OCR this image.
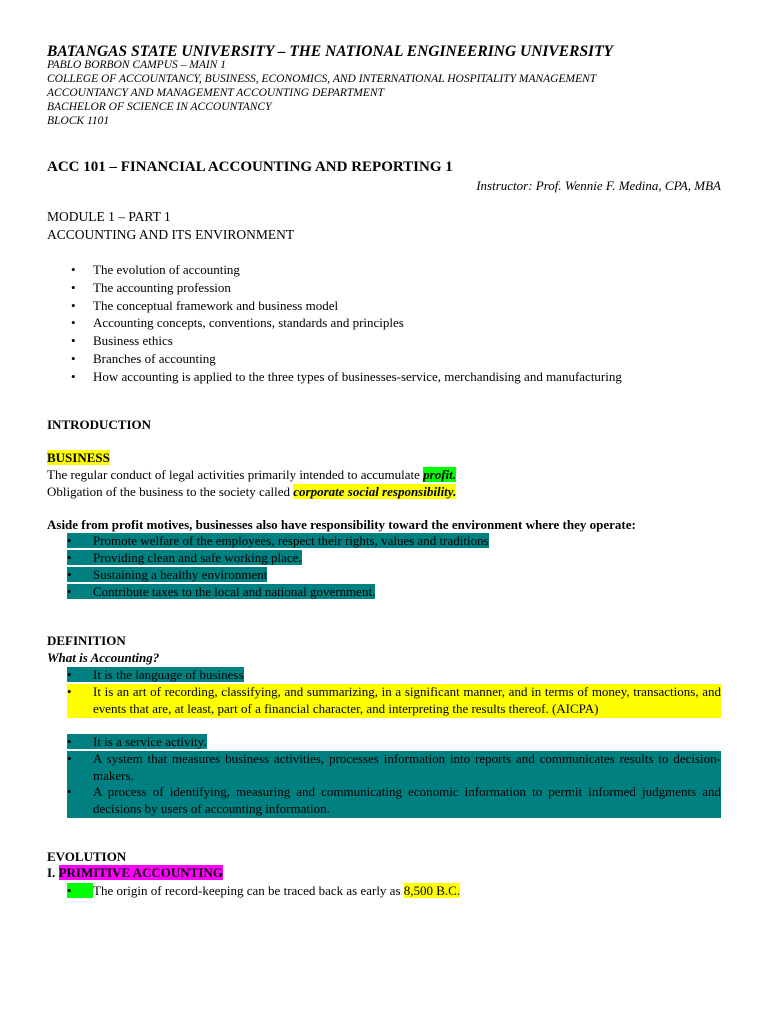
BATANGAS STATE UNIVERSITY – THE NATIONAL ENGINEERING UNIVERSITY
PABLO BORBON CAMPUS – MAIN 1
COLLEGE OF ACCOUNTANCY, BUSINESS, ECONOMICS, AND INTERNATIONAL HOSPITALITY MANAGEMENT
ACCOUNTANCY AND MANAGEMENT ACCOUNTING DEPARTMENT
BACHELOR OF SCIENCE IN ACCOUNTANCY
BLOCK 1101
ACC 101 – FINANCIAL ACCOUNTING AND REPORTING 1
Instructor: Prof. Wennie F. Medina, CPA, MBA
MODULE 1 – PART 1
ACCOUNTING AND ITS ENVIRONMENT
• The evolution of accounting
• The accounting profession
• The conceptual framework and business model
• Accounting concepts, conventions, standards and principles
• Business ethics
• Branches of accounting
• How accounting is applied to the three types of businesses-service, merchandising and manufacturing
INTRODUCTION
BUSINESS
The regular conduct of legal activities primarily intended to accumulate profit.
Obligation of the business to the society called corporate social responsibility.
Aside from profit motives, businesses also have responsibility toward the environment where they operate:
• Promote welfare of the employees, respect their rights, values and traditions
• Providing clean and safe working place.
• Sustaining a healthy environment
• Contribute taxes to the local and national government.
DEFINITION
What is Accounting?
• It is the language of business
•	It is an art of recording, classifying, and summarizing, in a significant manner, and in terms of money, transactions, and events that are, at least, part of a financial character, and interpreting the results thereof. (AICPA)
• It is a service activity.
•	A system that measures business activities, processes information into reports and communicates results to decision-makers.
•	A process of identifying, measuring and communicating economic information to permit informed judgments and decisions by users of accounting information.
EVOLUTION
I. PRIMITIVE ACCOUNTING
• The origin of record-keeping can be traced back as early as 8,500 B.C.
